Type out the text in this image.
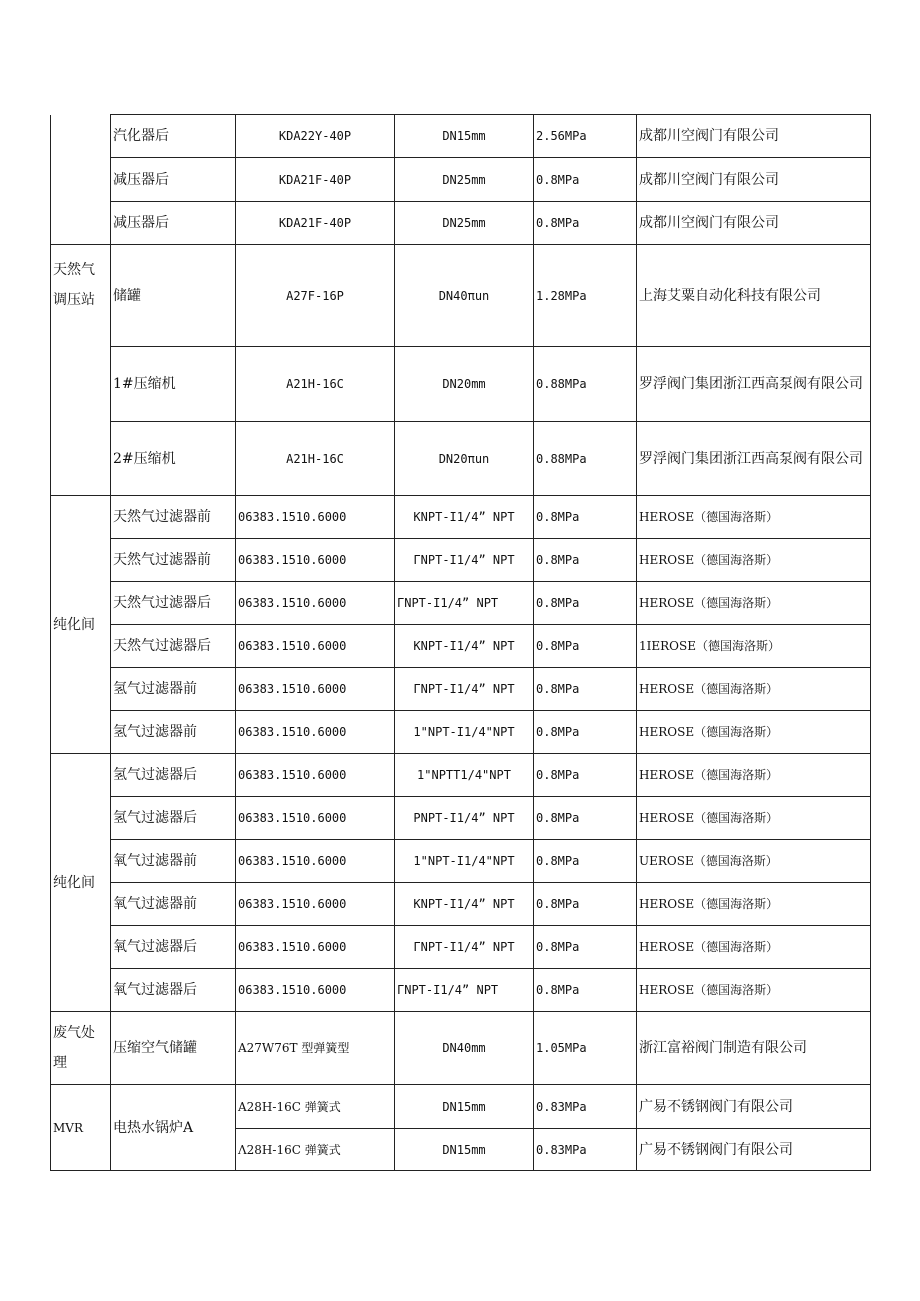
	汽化器后	KDA22Y-40P	DN15mm	2.56MPa	成都川空阀门有限公司
	减压器后	KDA21F-40P	DN25mm	0.8MPa	成都川空阀门有限公司
	减压器后	KDA21F-40P	DN25mm	0.8MPa	成都川空阀门有限公司
天然气调压站	储罐	A27F-16P	DN40πun	1.28MPa	上海艾粟自动化科技有限公司
	1#压缩机	A21H-16C	DN20mm	0.88MPa	罗浮阀门集团浙江西高泵阀有限公司
	2#压缩机	A21H-16C	DN20πun	0.88MPa	罗浮阀门集团浙江西高泵阀有限公司
纯化间	天然气过滤器前	06383.1510.6000	KNPT-I1/4” NPT	0.8MPa	HEROSE（德国海洛斯）
	天然气过滤器前	06383.1510.6000	ΓNPT-I1/4” NPT	0.8MPa	HEROSE（德国海洛斯）
	天然气过滤器后	06383.1510.6000	ΓNPT-I1/4” NPT	0.8MPa	HEROSE（德国海洛斯）
	天然气过滤器后	06383.1510.6000	KNPT-I1/4” NPT	0.8MPa	1IEROSE（德国海洛斯）
	氢气过滤器前	06383.1510.6000	ΓNPT-I1/4” NPT	0.8MPa	HEROSE（德国海洛斯）
	氢气过滤器前	06383.1510.6000	1"NPT-I1/4"NPT	0.8MPa	HEROSE（德国海洛斯）
纯化间	氢气过滤器后	06383.1510.6000	1"NPTT1/4"NPT	0.8MPa	HEROSE（德国海洛斯）
	氢气过滤器后	06383.1510.6000	PNPT-I1/4” NPT	0.8MPa	HEROSE（德国海洛斯）
	氧气过滤器前	06383.1510.6000	1"NPT-I1/4"NPT	0.8MPa	UEROSE（德国海洛斯）
	氧气过滤器前	06383.1510.6000	KNPT-I1/4” NPT	0.8MPa	HEROSE（德国海洛斯）
	氧气过滤器后	06383.1510.6000	ΓNPT-I1/4” NPT	0.8MPa	HEROSE（德国海洛斯）
	氧气过滤器后	06383.1510.6000	ΓNPT-I1/4” NPT	0.8MPa	HEROSE（德国海洛斯）
废气处理	压缩空气储罐	A27W76T 型弹簧型	DN40mm	1.05MPa	浙江富裕阀门制造有限公司
MVR	电热水锅炉A	A28H-16C 弹簧式	DN15mm	0.83MPa	广易不锈钢阀门有限公司
		Λ28H-16C 弹簧式	DN15mm	0.83MPa	广易不锈钢阀门有限公司
